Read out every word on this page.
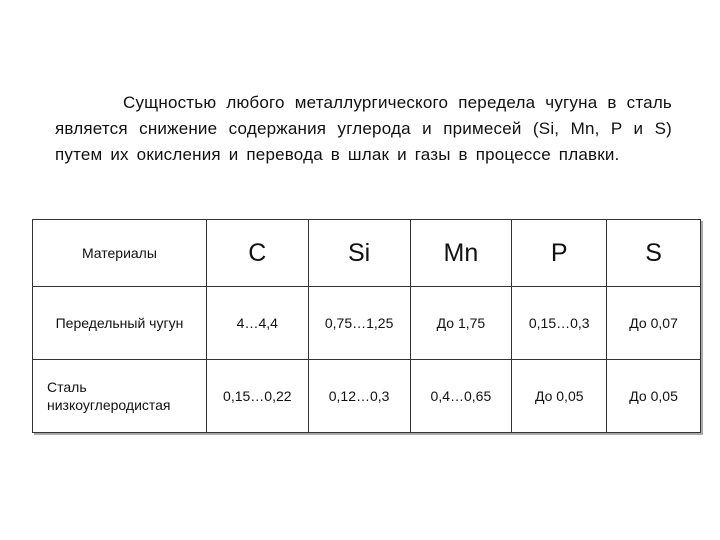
Сущностью любого металлургического передела чугуна в сталь является снижение содержания углерода и примесей (Si, Mn, P и S) путем их окисления и перевода в шлак и газы в процессе плавки.
Материалы	C	Si	Mn	P	S
Передельный чугун	4…4,4	0,75…1,25	До 1,75	0,15…0,3	До 0,07
Сталь низкоуглеродистая	0,15…0,22	0,12…0,3	0,4…0,65	До 0,05	До 0,05
